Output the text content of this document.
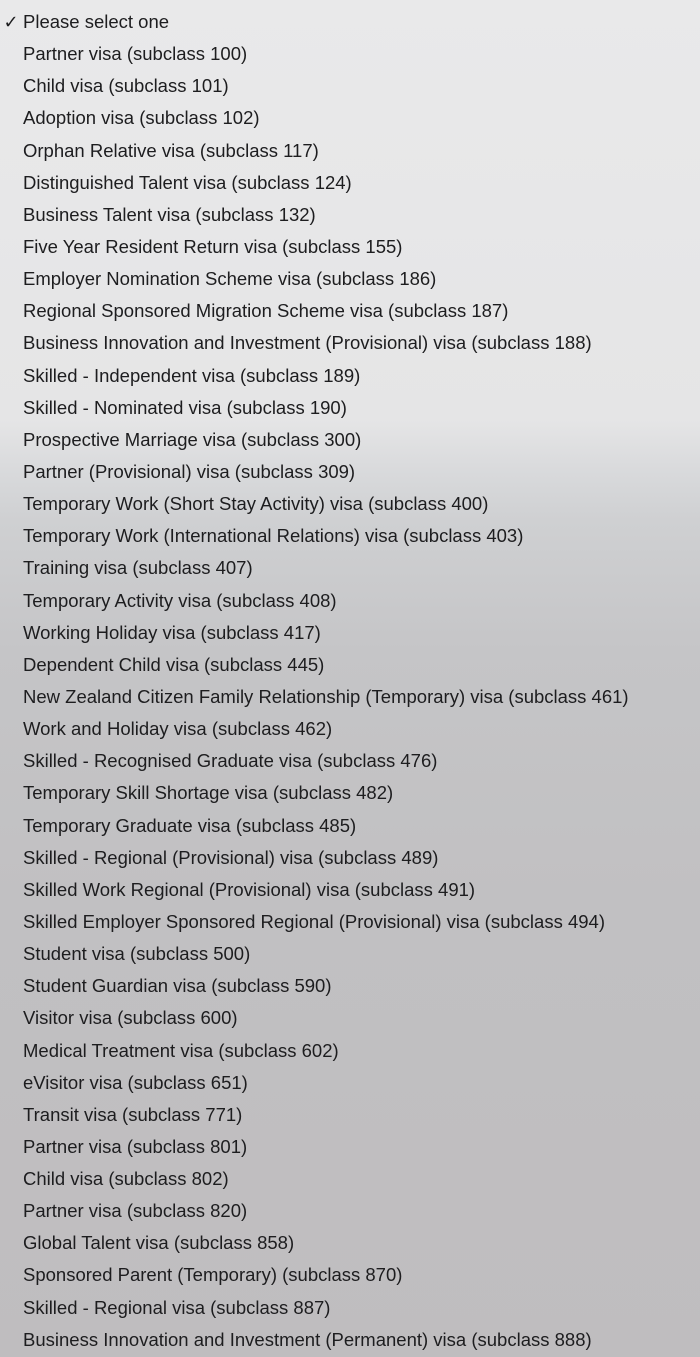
✓ Please select one
Partner visa (subclass 100)
Child visa (subclass 101)
Adoption visa (subclass 102)
Orphan Relative visa (subclass 117)
Distinguished Talent visa (subclass 124)
Business Talent visa (subclass 132)
Five Year Resident Return visa (subclass 155)
Employer Nomination Scheme visa (subclass 186)
Regional Sponsored Migration Scheme visa (subclass 187)
Business Innovation and Investment (Provisional) visa (subclass 188)
Skilled - Independent visa (subclass 189)
Skilled - Nominated visa (subclass 190)
Prospective Marriage visa (subclass 300)
Partner (Provisional) visa (subclass 309)
Temporary Work (Short Stay Activity) visa (subclass 400)
Temporary Work (International Relations) visa (subclass 403)
Training visa (subclass 407)
Temporary Activity visa (subclass 408)
Working Holiday visa (subclass 417)
Dependent Child visa (subclass 445)
New Zealand Citizen Family Relationship (Temporary) visa (subclass 461)
Work and Holiday visa (subclass 462)
Skilled - Recognised Graduate visa (subclass 476)
Temporary Skill Shortage visa (subclass 482)
Temporary Graduate visa (subclass 485)
Skilled - Regional (Provisional) visa (subclass 489)
Skilled Work Regional (Provisional) visa (subclass 491)
Skilled Employer Sponsored Regional (Provisional) visa (subclass 494)
Student visa (subclass 500)
Student Guardian visa (subclass 590)
Visitor visa (subclass 600)
Medical Treatment visa (subclass 602)
eVisitor visa (subclass 651)
Transit visa (subclass 771)
Partner visa (subclass 801)
Child visa (subclass 802)
Partner visa (subclass 820)
Global Talent visa (subclass 858)
Sponsored Parent (Temporary) (subclass 870)
Skilled - Regional visa (subclass 887)
Business Innovation and Investment (Permanent) visa (subclass 888)
